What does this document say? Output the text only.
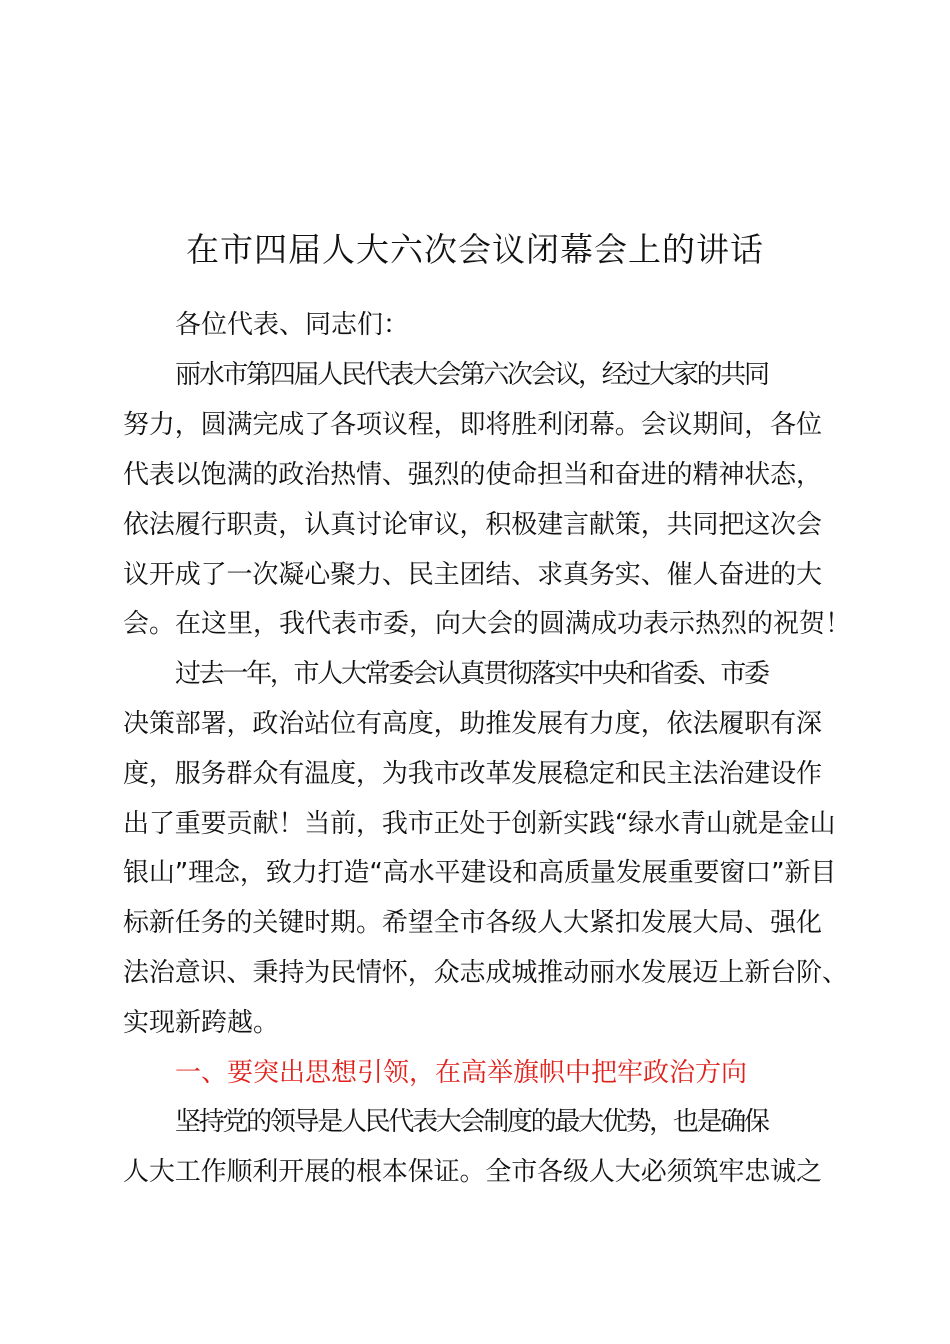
在市四届人大六次会议闭幕会上的讲话
各位代表、同志们：
丽水市第四届人民代表大会第六次会议，经过大家的共同
努力，圆满完成了各项议程，即将胜利闭幕。会议期间，各位
代表以饱满的政治热情、强烈的使命担当和奋进的精神状态，
依法履行职责，认真讨论审议，积极建言献策，共同把这次会
议开成了一次凝心聚力、民主团结、求真务实、催人奋进的大
会。在这里，我代表市委，向大会的圆满成功表示热烈的祝贺！
过去一年，市人大常委会认真贯彻落实中央和省委、市委
决策部署，政治站位有高度，助推发展有力度，依法履职有深
度，服务群众有温度，为我市改革发展稳定和民主法治建设作
出了重要贡献！当前，我市正处于创新实践“绿水青山就是金山
银山”理念，致力打造“高水平建设和高质量发展重要窗口”新目
标新任务的关键时期。希望全市各级人大紧扣发展大局、强化
法治意识、秉持为民情怀，众志成城推动丽水发展迈上新台阶、
实现新跨越。
一、要突出思想引领，在高举旗帜中把牢政治方向
坚持党的领导是人民代表大会制度的最大优势，也是确保
人大工作顺利开展的根本保证。全市各级人大必须筑牢忠诚之
